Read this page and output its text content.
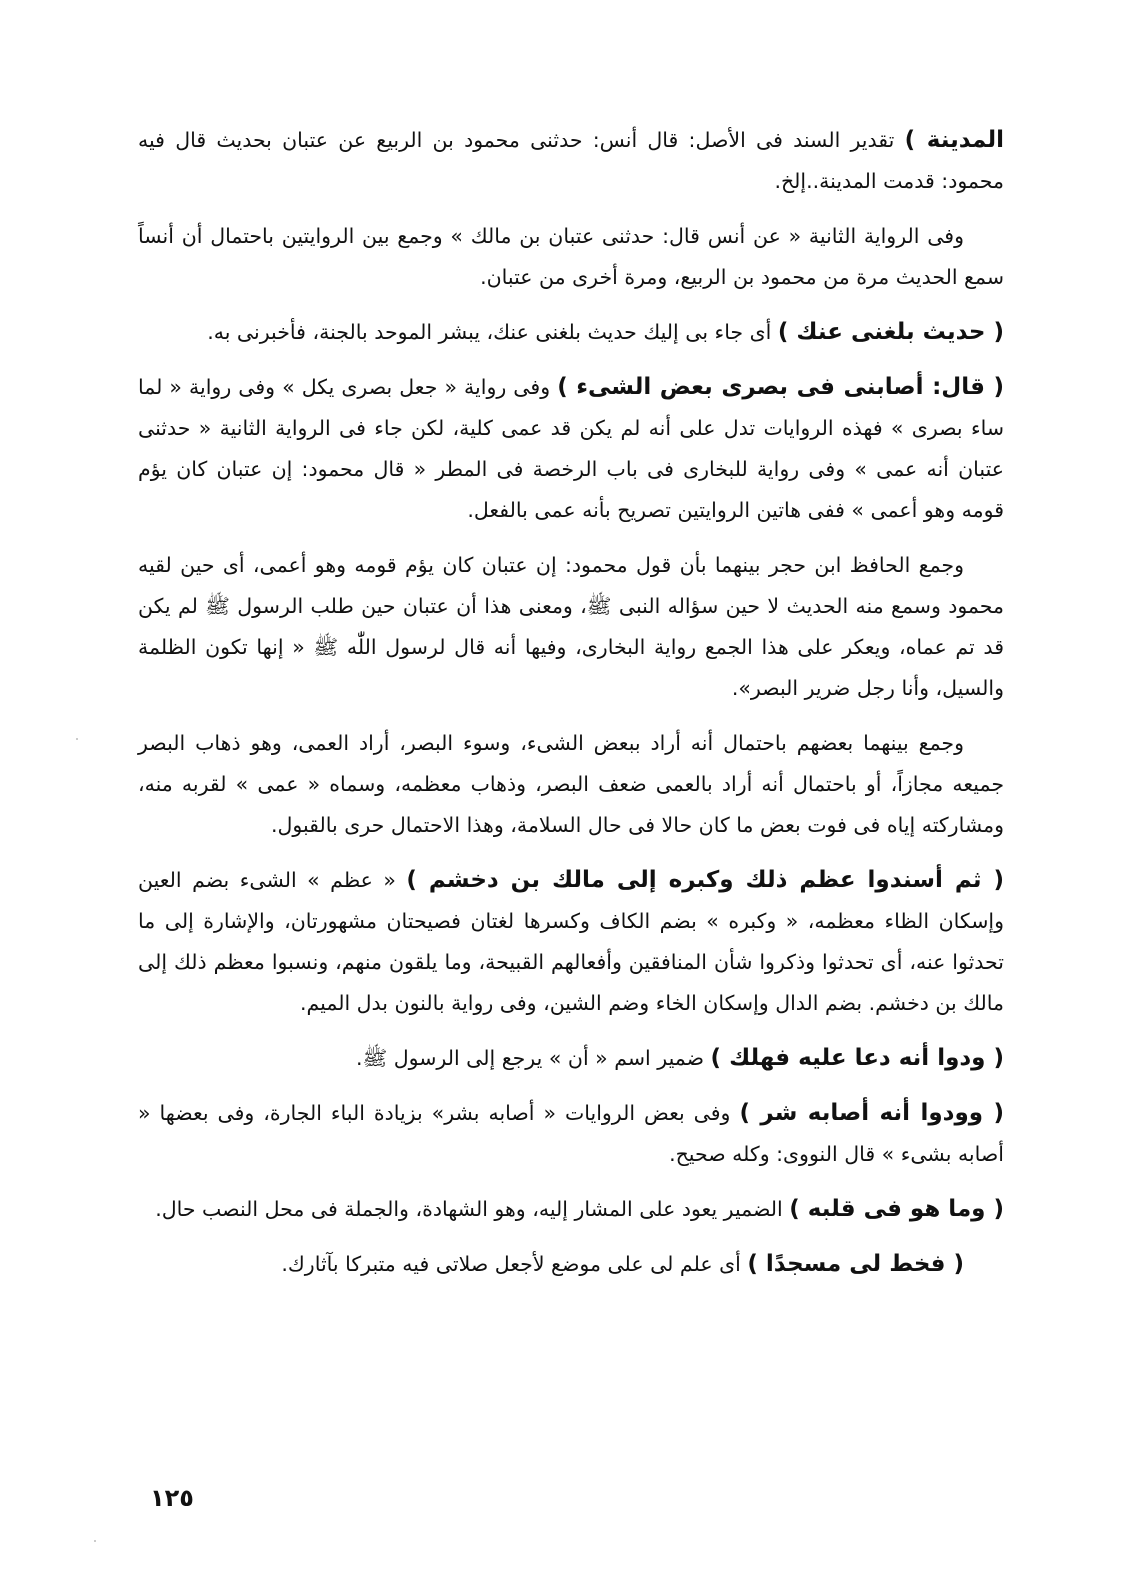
المدينة ) تقدير السند فى الأصل: قال أنس: حدثنى محمود بن الربيع عن عتبان بحديث قال فيه محمود: قدمت المدينة..إلخ.

وفى الرواية الثانية « عن أنس قال: حدثنى عتبان بن مالك » وجمع بين الروايتين باحتمال أن أنساً سمع الحديث مرة من محمود بن الربيع، ومرة أخرى من عتبان.

( حديث بلغنى عنك ) أى جاء بى إليك حديث بلغنى عنك، يبشر الموحد بالجنة، فأخبرنى به.

( قال: أصابنى فى بصرى بعض الشىء ) وفى رواية « جعل بصرى يكل » وفى رواية « لما ساء بصرى » فهذه الروايات تدل على أنه لم يكن قد عمى كلية، لكن جاء فى الرواية الثانية « حدثنى عتبان أنه عمى » وفى رواية للبخارى فى باب الرخصة فى المطر « قال محمود: إن عتبان كان يؤم قومه وهو أعمى » ففى هاتين الروايتين تصريح بأنه عمى بالفعل.

وجمع الحافظ ابن حجر بينهما بأن قول محمود: إن عتبان كان يؤم قومه وهو أعمى، أى حين لقيه محمود وسمع منه الحديث لا حين سؤاله النبى ﷺ، ومعنى هذا أن عتبان حين طلب الرسول ﷺ لم يكن قد تم عماه، ويعكر على هذا الجمع رواية البخارى، وفيها أنه قال لرسول اللّٰه ﷺ « إنها تكون الظلمة والسيل، وأنا رجل ضرير البصر».

وجمع بينهما بعضهم باحتمال أنه أراد ببعض الشىء، وسوء البصر، أراد العمى، وهو ذهاب البصر جميعه مجازاً، أو باحتمال أنه أراد بالعمى ضعف البصر، وذهاب معظمه، وسماه « عمى » لقربه منه، ومشاركته إياه فى فوت بعض ما كان حالا فى حال السلامة، وهذا الاحتمال حرى بالقبول.

( ثم أسندوا عظم ذلك وكبره إلى مالك بن دخشم ) « عظم » الشىء بضم العين وإسكان الظاء معظمه، « وكبره » بضم الكاف وكسرها لغتان فصيحتان مشهورتان، والإشارة إلى ما تحدثوا عنه، أى تحدثوا وذكروا شأن المنافقين وأفعالهم القبيحة، وما يلقون منهم، ونسبوا معظم ذلك إلى مالك بن دخشم. بضم الدال وإسكان الخاء وضم الشين، وفى رواية بالنون بدل الميم.

( ودوا أنه دعا عليه فهلك ) ضمير اسم « أن » يرجع إلى الرسول ﷺ.

( وودوا أنه أصابه شر ) وفى بعض الروايات « أصابه بشر» بزيادة الباء الجارة، وفى بعضها « أصابه بشىء » قال النووى: وكله صحيح.

( وما هو فى قلبه ) الضمير يعود على المشار إليه، وهو الشهادة، والجملة فى محل النصب حال.

( فخط لى مسجدًا ) أى علم لى على موضع لأجعل صلاتى فيه متبركا بآثارك.

١٢٥
